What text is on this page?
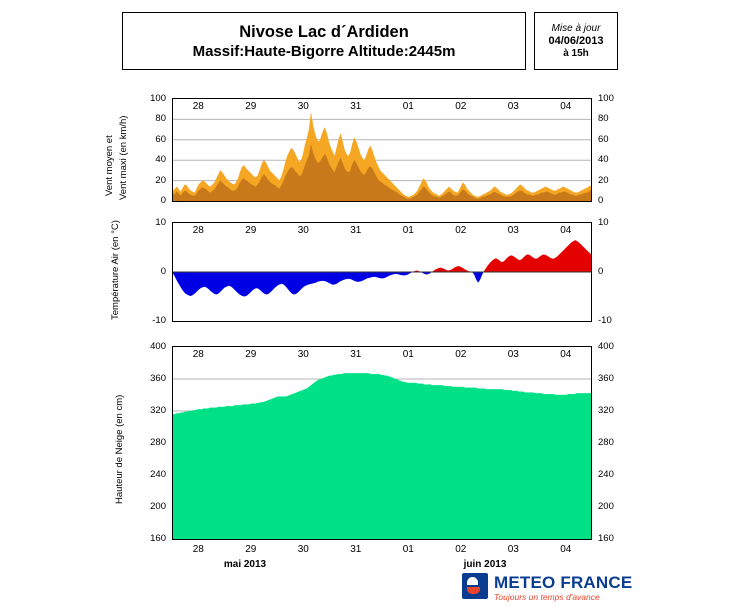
Nivose Lac d´Ardiden
Massif:Haute-Bigorre Altitude:2445m
Mise à jour
04/06/2013
à 15h
Vent moyen et Vent maxi (en km/h)
Température Air (en °C)
Hauteur de Neige (en cm)
mai 2013	juin 2013
METEO FRANCE
Toujours un temps d'avance
0	0
20	20
40	40
60	60
80	80
100	100
28	29	30	31	01	02	03	04
-10	-10
0	0
10	10
28	29	30	31	01	02	03	04
160	160
200	200
240	240
280	280
320	320
360	360
400	400
28	29	30	31	01	02	03	04
28	29	30	31	01	02	03	04
